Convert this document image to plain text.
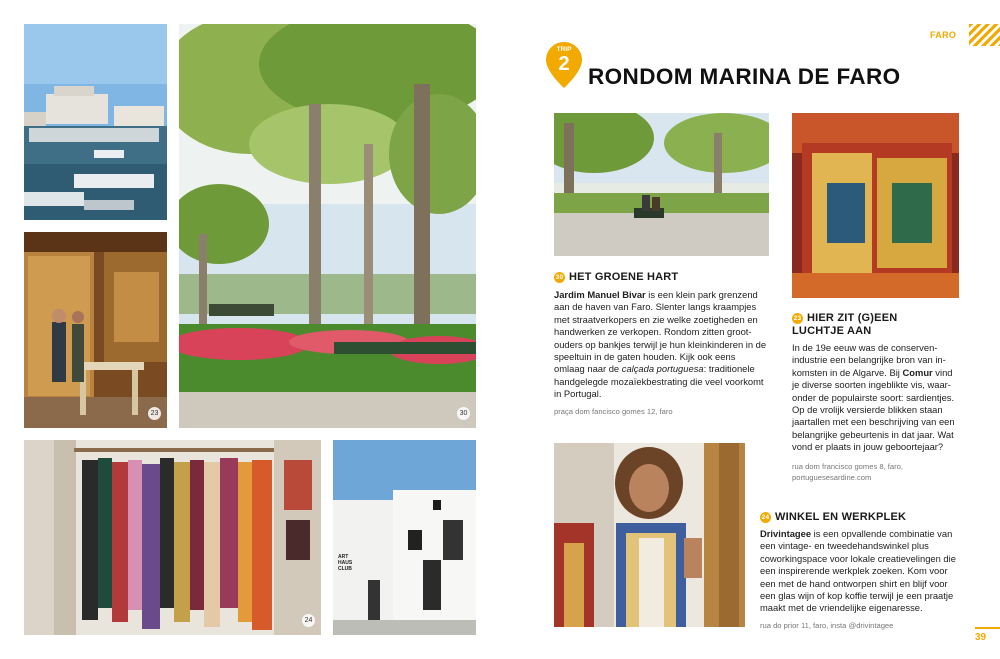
23	30
24
ART HAUS CLUB
FARO
TRIP
2 RONDOM MARINA DE FARO
30 HET GROENE HART
Jardim Manuel Bivar is een klein park grenzend aan de haven van Faro. Slenter langs kraampjes met straatverkopers en zie welke zoetigheden en handwerken ze verkopen. Rondom zitten groot-ouders op bankjes terwijl je hun kleinkinderen in de speeltuin in de gaten houden. Kijk ook eens omlaag naar de calçada portuguesa: traditionele handgelegde mozaïekbestrating die veel voorkomt in Portugal.
praça dom fancisco gomes 12, faro
23 HIER ZIT (G)EEN
LUCHTJE AAN
In de 19e eeuw was de conserven-industrie een belangrijke bron van in-komsten in de Algarve. Bij Comur vind je diverse soorten ingeblikte vis, waar-onder de populairste soort: sardientjes. Op de vrolijk versierde blikken staan jaartallen met een beschrijving van een belangrijke gebeurtenis in dat jaar. Wat vond er plaats in jouw geboortejaar?
rua dom francisco gomes 8, faro,
portuguesesardine.com
24 WINKEL EN WERKPLEK
Drivintagee is een opvallende combinatie van een vintage- en tweedehandswinkel plus coworkingspace voor lokale creatievelingen die een inspirerende werkplek zoeken. Kom voor een met de hand ontworpen shirt en blijf voor een glas wijn of kop koffie terwijl je een praatje maakt met de vriendelijke eigenaresse.
rua do prior 11, faro, insta @drivintagee
39
